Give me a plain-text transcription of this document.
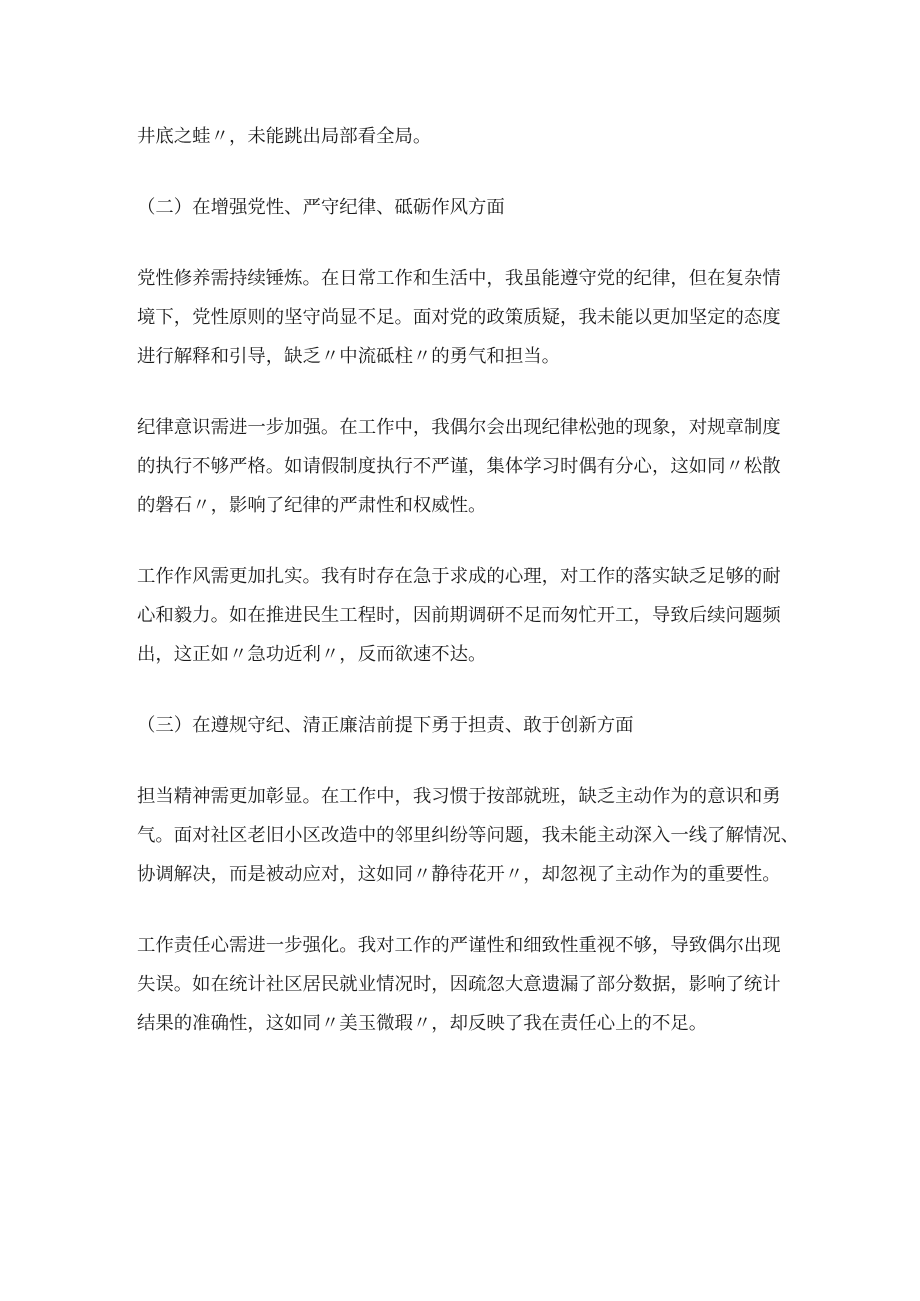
井底之蛙〃，未能跳出局部看全局。

（二）在增强党性、严守纪律、砥砺作风方面

党性修养需持续锤炼。在日常工作和生活中，我虽能遵守党的纪律，但在复杂情
境下，党性原则的坚守尚显不足。面对党的政策质疑，我未能以更加坚定的态度
进行解释和引导，缺乏〃中流砥柱〃的勇气和担当。

纪律意识需进一步加强。在工作中，我偶尔会出现纪律松弛的现象，对规章制度
的执行不够严格。如请假制度执行不严谨，集体学习时偶有分心，这如同〃松散
的磐石〃，影响了纪律的严肃性和权威性。

工作作风需更加扎实。我有时存在急于求成的心理，对工作的落实缺乏足够的耐
心和毅力。如在推进民生工程时，因前期调研不足而匆忙开工，导致后续问题频
出，这正如〃急功近利〃，反而欲速不达。

（三）在遵规守纪、清正廉洁前提下勇于担责、敢于创新方面

担当精神需更加彰显。在工作中，我习惯于按部就班，缺乏主动作为的意识和勇
气。面对社区老旧小区改造中的邻里纠纷等问题，我未能主动深入一线了解情况、
协调解决，而是被动应对，这如同〃静待花开〃，却忽视了主动作为的重要性。

工作责任心需进一步强化。我对工作的严谨性和细致性重视不够，导致偶尔出现
失误。如在统计社区居民就业情况时，因疏忽大意遗漏了部分数据，影响了统计
结果的准确性，这如同〃美玉微瑕〃，却反映了我在责任心上的不足。
